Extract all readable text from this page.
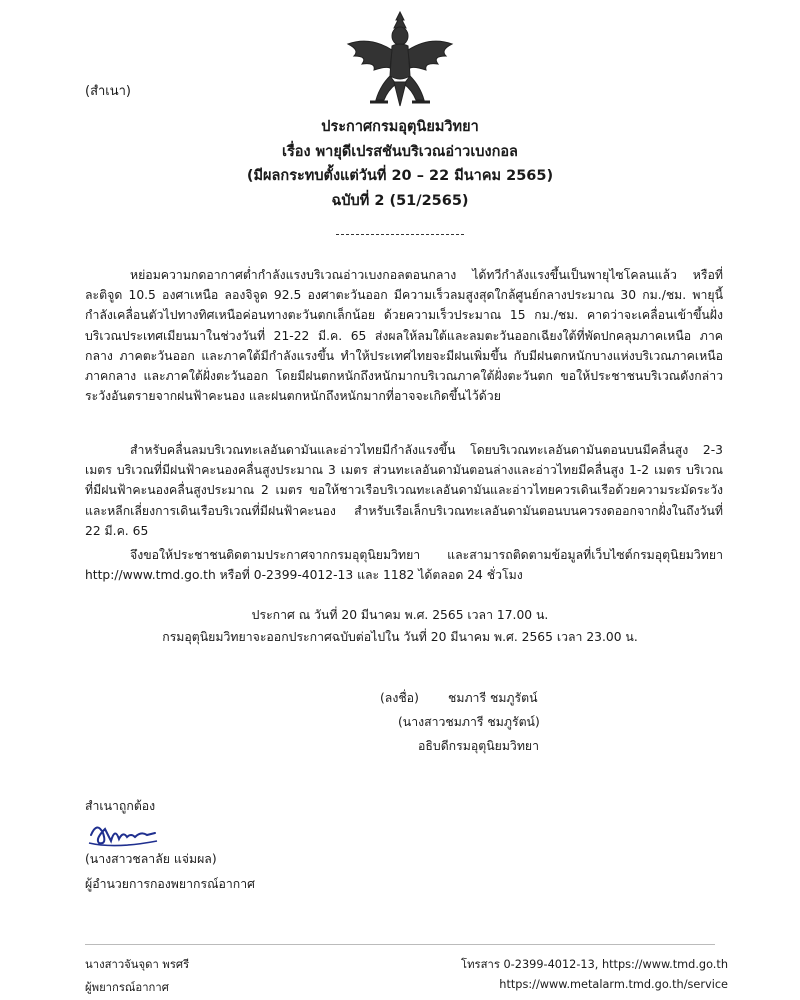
(สำเนา)
ประกาศกรมอุตุนิยมวิทยา
เรื่อง พายุดีเปรสชันบริเวณอ่าวเบงกอล
(มีผลกระทบตั้งแต่วันที่ 20 – 22 มีนาคม 2565)
ฉบับที่ 2 (51/2565)

หย่อมความกดอากาศต่ำกำลังแรงบริเวณอ่าวเบงกอลตอนกลาง ได้ทวีกำลังแรงขึ้นเป็นพายุไซโคลนแล้ว หรือที่ละติจูด 10.5 องศาเหนือ ลองจิจูด 92.5 องศาตะวันออก มีความเร็วลมสูงสุดใกล้ศูนย์กลางประมาณ 30 กม./ชม. พายุนี้กำลังเคลื่อนตัวไปทางทิศเหนือค่อนทางตะวันตกเล็กน้อย ด้วยความเร็วประมาณ 15 กม./ชม. คาดว่าจะเคลื่อนเข้าขึ้นฝั่งบริเวณประเทศเมียนมาในช่วงวันที่ 21-22 มี.ค. 65 ส่งผลให้ลมใต้และลมตะวันออกเฉียงใต้ที่พัดปกคลุมภาคเหนือ ภาคกลาง ภาคตะวันออก และภาคใต้มีกำลังแรงขึ้น ทำให้ประเทศไทยจะมีฝนเพิ่มขึ้น กับมีฝนตกหนักบางแห่งบริเวณภาคเหนือ ภาคกลาง และภาคใต้ฝั่งตะวันออก โดยมีฝนตกหนักถึงหนักมากบริเวณภาคใต้ฝั่งตะวันตก ขอให้ประชาชนบริเวณดังกล่าวระวังอันตรายจากฝนฟ้าคะนอง และฝนตกหนักถึงหนักมากที่อาจจะเกิดขึ้นไว้ด้วย

สำหรับคลื่นลมบริเวณทะเลอันดามันและอ่าวไทยมีกำลังแรงขึ้น โดยบริเวณทะเลอันดามันตอนบนมีคลื่นสูง 2-3 เมตร บริเวณที่มีฝนฟ้าคะนองคลื่นสูงประมาณ 3 เมตร ส่วนทะเลอันดามันตอนล่างและอ่าวไทยมีคลื่นสูง 1-2 เมตร บริเวณที่มีฝนฟ้าคะนองคลื่นสูงประมาณ 2 เมตร ขอให้ชาวเรือบริเวณทะเลอันดามันและอ่าวไทยควรเดินเรือด้วยความระมัดระวัง และหลีกเลี่ยงการเดินเรือบริเวณที่มีฝนฟ้าคะนอง สำหรับเรือเล็กบริเวณทะเลอันดามันตอนบนควรงดออกจากฝั่งในถึงวันที่ 22 มี.ค. 65

จึงขอให้ประชาชนติดตามประกาศจากกรมอุตุนิยมวิทยา และสามารถติดตามข้อมูลที่เว็บไซต์กรมอุตุนิยมวิทยา http://www.tmd.go.th หรือที่ 0-2399-4012-13 และ 1182 ได้ตลอด 24 ชั่วโมง

ประกาศ ณ วันที่ 20 มีนาคม พ.ศ. 2565 เวลา 17.00 น.
กรมอุตุนิยมวิทยาจะออกประกาศฉบับต่อไปใน วันที่ 20 มีนาคม พ.ศ. 2565 เวลา 23.00 น.
(ลงชื่อ) ชมภารี ชมภูรัตน์
(นางสาวชมภารี ชมภูรัตน์)
อธิบดีกรมอุตุนิยมวิทยา
สำเนาถูกต้อง
(นางสาวชลาลัย แจ่มผล)
ผู้อำนวยการกองพยากรณ์อากาศ
นางสาวจันจุดา พรศรี
ผู้พยากรณ์อากาศ
โทรสาร 0-2399-4012-13, https://www.tmd.go.th
https://www.metalarm.tmd.go.th/service
